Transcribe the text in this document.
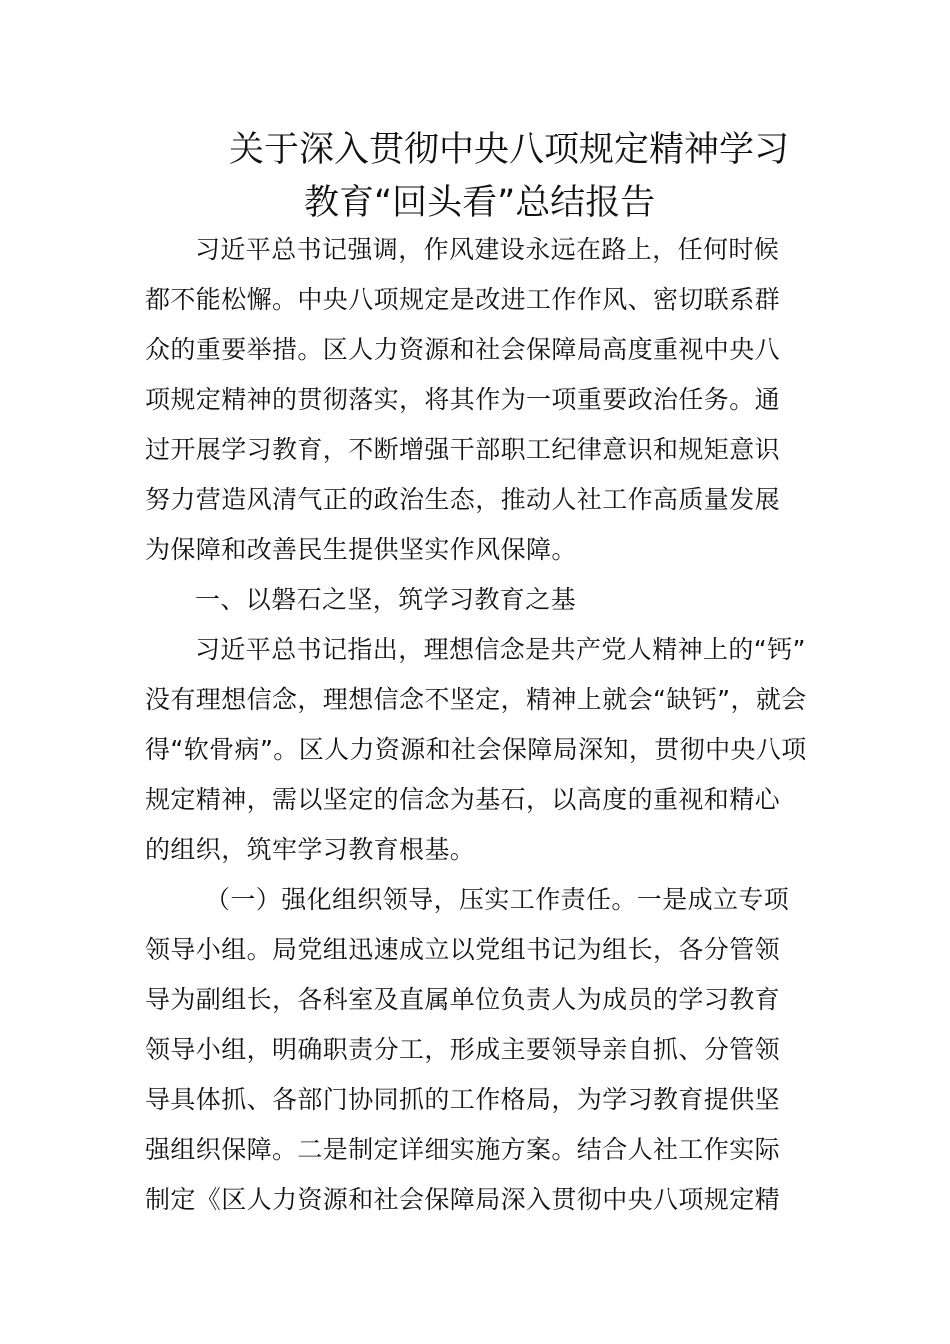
关于深入贯彻中央八项规定精神学习
教育“回头看”总结报告
习近平总书记强调，作风建设永远在路上，任何时候
都不能松懈。中央八项规定是改进工作作风、密切联系群
众的重要举措。区人力资源和社会保障局高度重视中央八
项规定精神的贯彻落实，将其作为一项重要政治任务。通
过开展学习教育，不断增强干部职工纪律意识和规矩意识
努力营造风清气正的政治生态，推动人社工作高质量发展
为保障和改善民生提供坚实作风保障。
一、以磐石之坚，筑学习教育之基
习近平总书记指出，理想信念是共产党人精神上的“钙”
没有理想信念，理想信念不坚定，精神上就会“缺钙”，就会
得“软骨病”。区人力资源和社会保障局深知，贯彻中央八项
规定精神，需以坚定的信念为基石，以高度的重视和精心
的组织，筑牢学习教育根基。
（一）强化组织领导，压实工作责任。一是成立专项
领导小组。局党组迅速成立以党组书记为组长，各分管领
导为副组长，各科室及直属单位负责人为成员的学习教育
领导小组，明确职责分工，形成主要领导亲自抓、分管领
导具体抓、各部门协同抓的工作格局，为学习教育提供坚
强组织保障。二是制定详细实施方案。结合人社工作实际
制定《区人力资源和社会保障局深入贯彻中央八项规定精
